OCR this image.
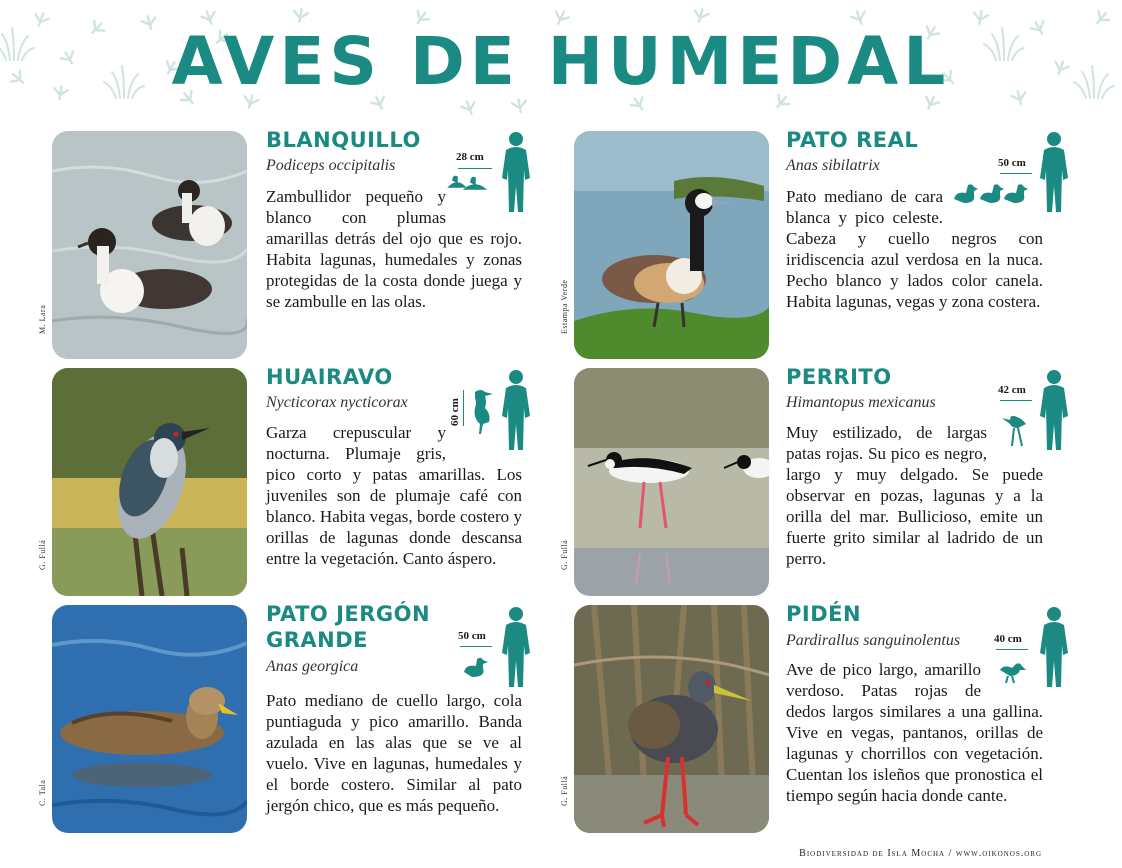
AVES DE HUMEDAL
M. Lara
BLANQUILLO
Podiceps occipitalis	28 cm

Zambullidor pequeño y blanco con plumas amarillas detrás del ojo que es rojo. Habita lagunas, humedales y zonas protegidas de la costa donde juega y se zambulle en las olas.	Estampa Verde
PATO REAL
Anas sibilatrix	50 cm

Pato mediano de cara blanca y pico celeste. Cabeza y cuello negros con iridiscencia azul verdosa en la nuca. Pecho blanco y lados color canela. Habita lagunas, vegas y zona costera.

G. Fullá
HUAIRAVO
Nycticorax nycticorax	60 cm

Garza crepuscular y nocturna. Plumaje gris, pico corto y patas amarillas. Los juveniles son de plumaje café con blanco. Habita vegas, borde costero y orillas de lagunas donde descansa entre la vegetación. Canto áspero.	G. Fullá
PERRITO
Himantopus mexicanus
42 cm

Muy estilizado, de largas patas rojas. Su pico es negro, largo y muy delgado. Se puede observar en pozas, lagunas y a la orilla del mar. Bullicioso, emite un fuerte grito similar al ladrido de un perro.

C. Tala
PATO JERGÓN GRANDE
Anas georgica
50 cm

Pato mediano de cuello largo, cola puntiaguda y pico amarillo. Banda azulada en las alas que se ve al vuelo. Vive en lagunas, humedales y el borde costero. Similar al pato jergón chico, que es más pequeño.	G. Fullá
PIDÉN
Pardirallus sanguinolentus	40 cm

Ave de pico largo, amarillo verdoso. Patas rojas de dedos largos similares a una gallina. Vive en vegas, pantanos, orillas de lagunas y chorrillos con vegetación. Cuentan los isleños que pronostica el tiempo según hacia donde cante.

Biodiversidad de Isla Mocha / www.oikonos.org
